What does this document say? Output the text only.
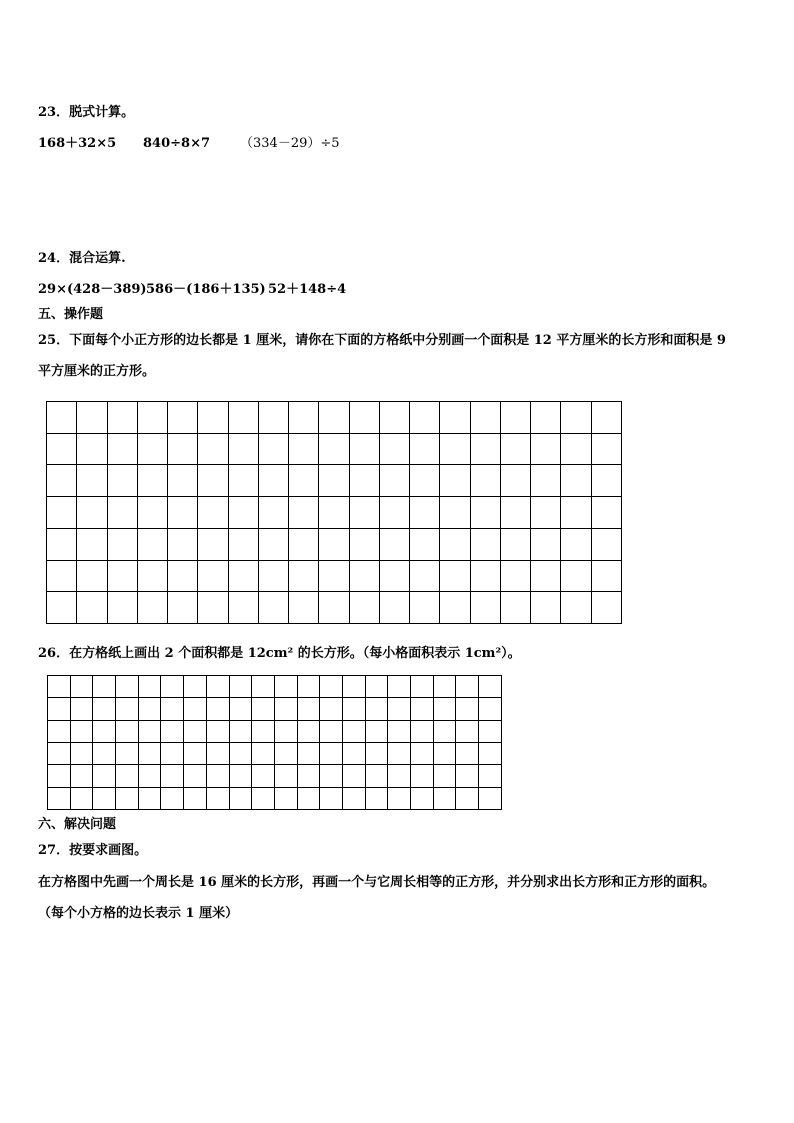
23．脱式计算。
168＋32×5 840÷8×7 （334－29）÷5
24．混合运算.
29×(428－389) 586－(186＋135) 52＋148÷4
五、操作题
25．下面每个小正方形的边长都是 1 厘米，请你在下面的方格纸中分别画一个面积是 12 平方厘米的长方形和面积是 9
平方厘米的正方形。

26．在方格纸上画出 2 个面积都是 12cm² 的长方形。（每小格面积表示 1cm²）。

六、解决问题
27．按要求画图。
在方格图中先画一个周长是 16 厘米的长方形，再画一个与它周长相等的正方形，并分别求出长方形和正方形的面积。
（每个小方格的边长表示 1 厘米）
